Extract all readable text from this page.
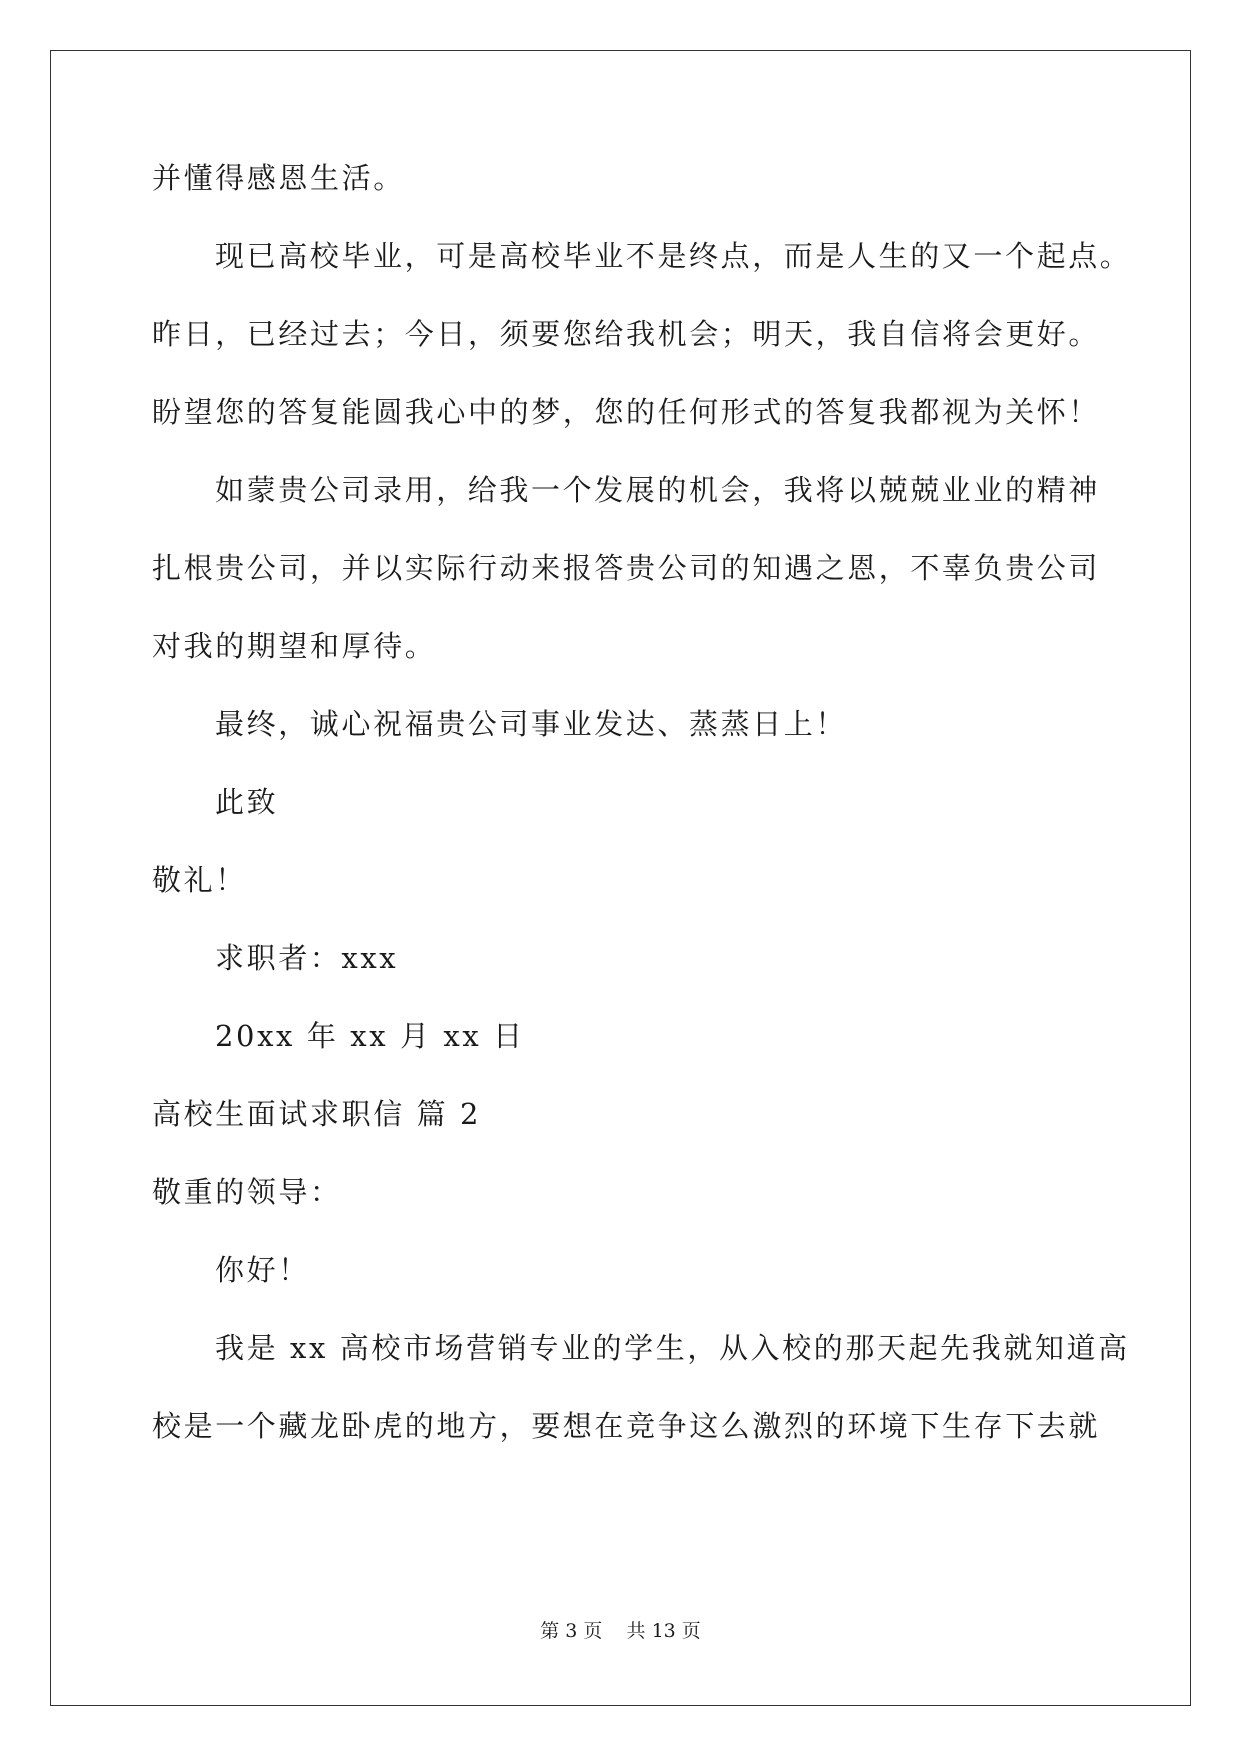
并懂得感恩生活。
现已高校毕业，可是高校毕业不是终点，而是人生的又一个起点。
昨日，已经过去；今日，须要您给我机会；明天，我自信将会更好。
盼望您的答复能圆我心中的梦，您的任何形式的答复我都视为关怀！
如蒙贵公司录用，给我一个发展的机会，我将以兢兢业业的精神
扎根贵公司，并以实际行动来报答贵公司的知遇之恩，不辜负贵公司
对我的期望和厚待。
最终，诚心祝福贵公司事业发达、蒸蒸日上！
此致
敬礼！
求职者：xxx
20xx 年 xx 月 xx 日
高校生面试求职信 篇 2
敬重的领导：
你好！
我是 xx 高校市场营销专业的学生，从入校的那天起先我就知道高
校是一个藏龙卧虎的地方，要想在竞争这么激烈的环境下生存下去就
第 3 页    共 13 页
